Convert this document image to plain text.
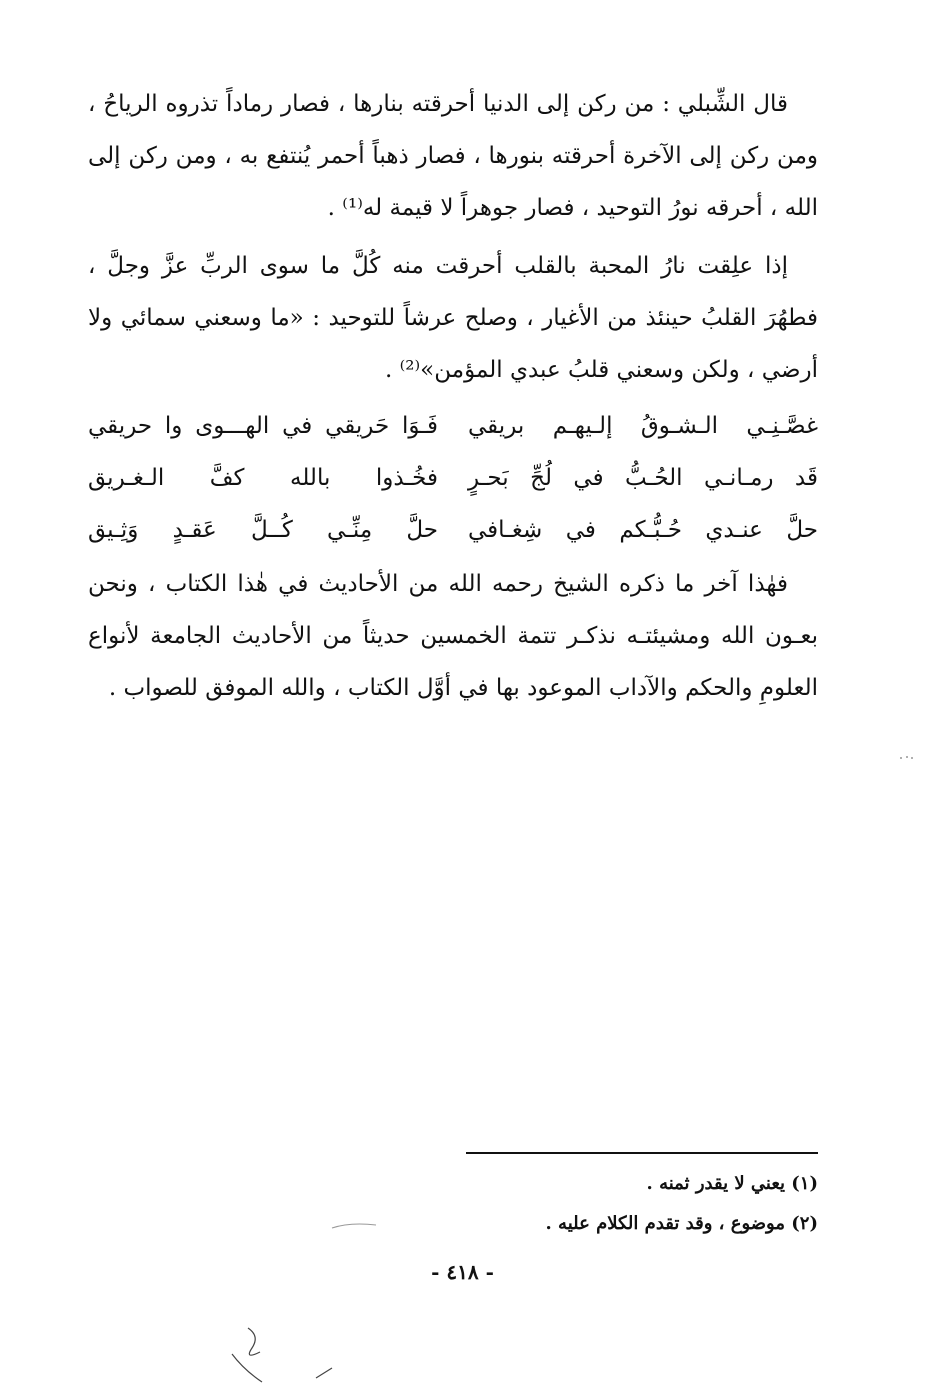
قال الشِّبلي : من ركن إلى الدنيا أحرقته بنارها ، فصار رماداً تذروه الرياحُ ، ومن ركن إلى الآخرة أحرقته بنورها ، فصار ذهباً أحمر يُنتفع به ، ومن ركن إلى الله ، أحرقه نورُ التوحيد ، فصار جوهراً لا قيمة له⁽¹⁾ .

إذا علِقت نارُ المحبة بالقلب أحرقت منه كُلَّ ما سوى الربِّ عزَّ وجلَّ ، فطهُرَ القلبُ حينئذ من الأغيار ، وصلح عرشاً للتوحيد : «ما وسعني سمائي ولا أرضي ، ولكن وسعني قلبُ عبدي المؤمن»⁽²⁾ .

غصَّـنِـي الـشـوقُ إلـيهـم بريقي
فَـوَا حَريقي في الهـــوى وا حريقي
قَد رمـانـي الحُـبُّ في لُجِّ بَحـرٍ
فخُـذوا بالله كفَّ الـغـريق
حلَّ عنـدي حُـبُّـكم في شِغـافي
حلَّ مِنِّـي كُــلَّ عَقـدٍ وَثِـيق

فهٰذا آخر ما ذكره الشيخ رحمه الله من الأحاديث في هٰذا الكتاب ، ونحن بعـون الله ومشيئتـه نذكـر تتمة الخمسين حديثاً من الأحاديث الجامعة لأنواع العلومِ والحكم والآداب الموعود بها في أوَّل الكتاب ، والله الموفق للصواب .

(١) يعني لا يقدر ثمنه .

(٢) موضوع ، وقد تقدم الكلام عليه .

- ٤١٨ -
